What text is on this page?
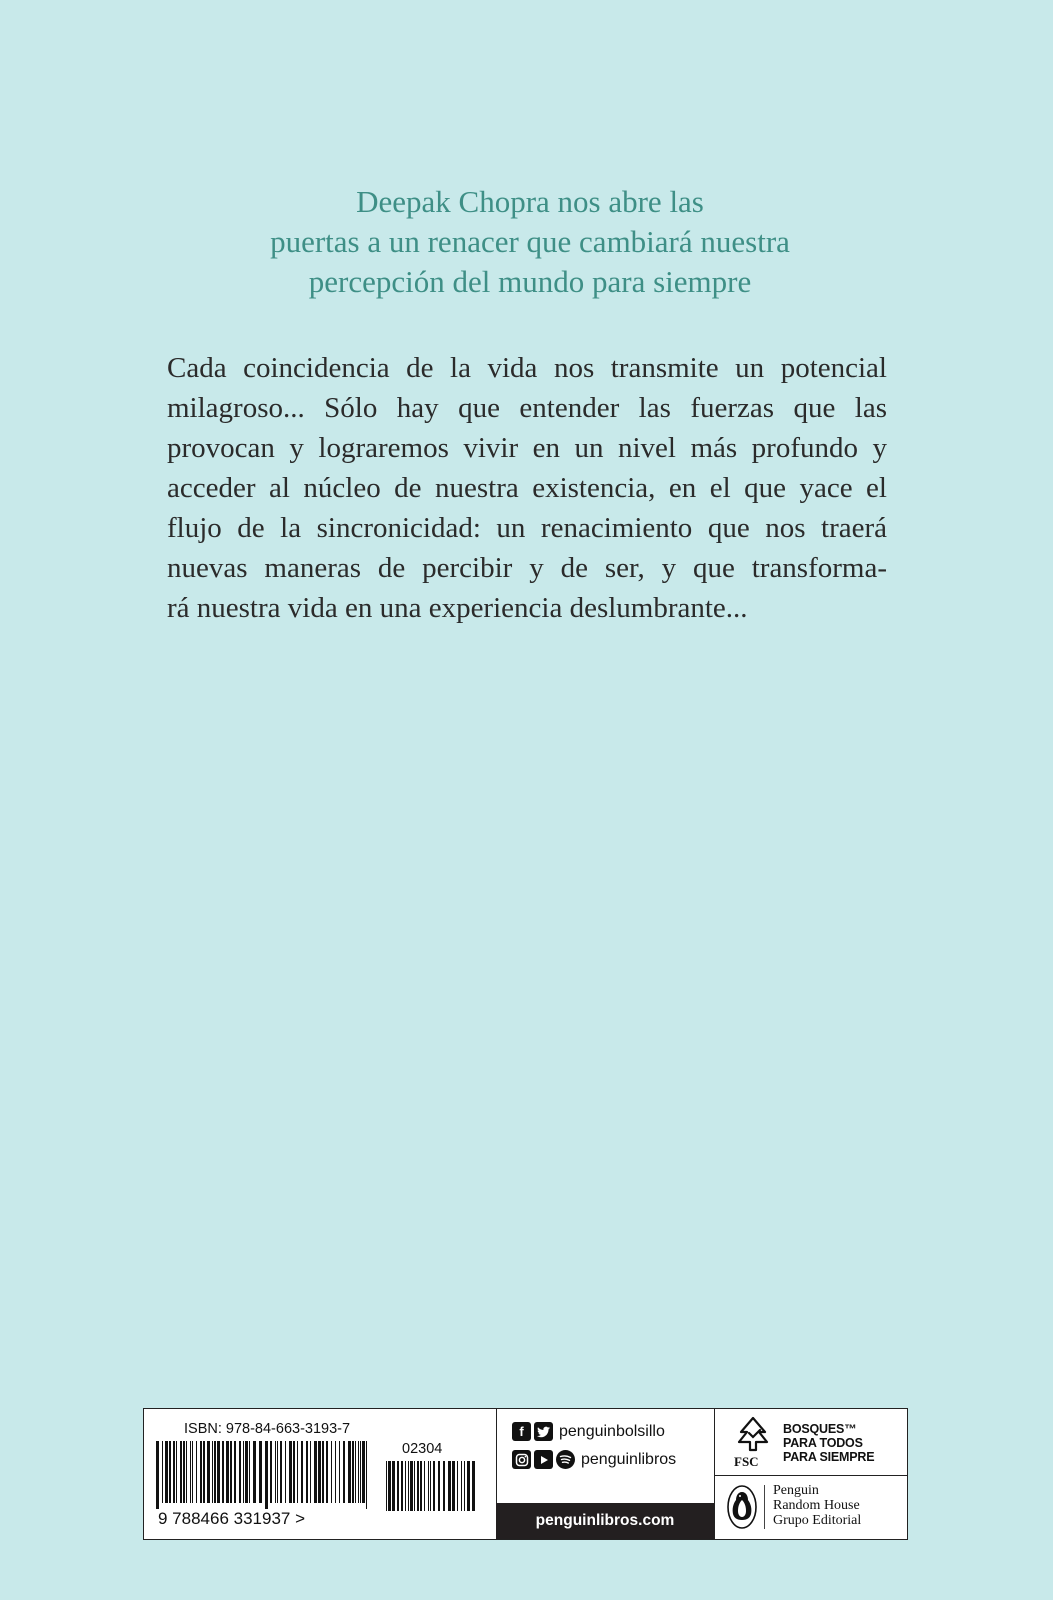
Deepak Chopra nos abre las
puertas a un renacer que cambiará nuestra
percepción del mundo para siempre
Cada coincidencia de la vida nos transmite un potencial
milagroso... Sólo hay que entender las fuerzas que las
provocan y lograremos vivir en un nivel más profundo y
acceder al núcleo de nuestra existencia, en el que yace el
flujo de la sincronicidad: un renacimiento que nos traerá
nuevas maneras de percibir y de ser, y que transforma-
rá nuestra vida en una experiencia deslumbrante...
ISBN: 978-84-663-3193-7
02304
9 788466 331937 >
f	penguinbolsillo
penguinlibros
penguinlibros.com
FSC
BOSQUES™
PARA TODOS
PARA SIEMPRE
Penguin
Random House
Grupo Editorial
